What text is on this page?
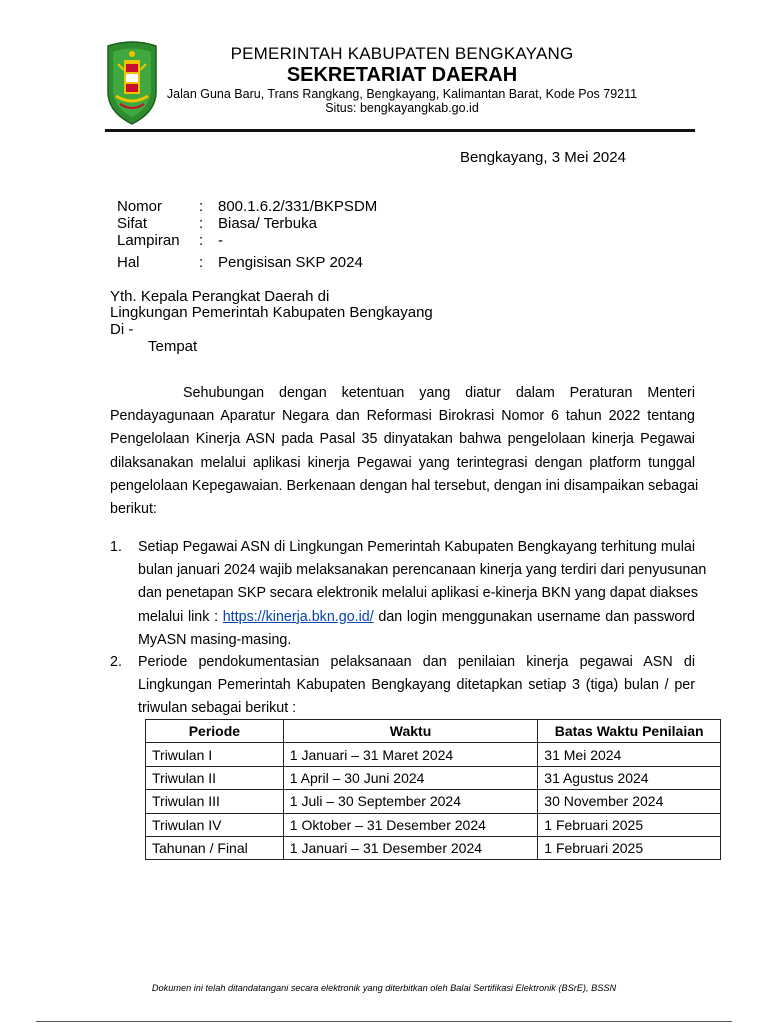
PEMERINTAH KABUPATEN BENGKAYANG
SEKRETARIAT DAERAH
Jalan Guna Baru, Trans Rangkang, Bengkayang, Kalimantan Barat, Kode Pos 79211
Situs: bengkayangkab.go.id
Bengkayang, 3 Mei 2024
Nomor : 800.1.6.2/331/BKPSDM
Sifat	: Biasa/ Terbuka
Lampiran : -
Hal	: Pengisisan SKP 2024
Yth. Kepala Perangkat Daerah di
Lingkungan Pemerintah Kabupaten Bengkayang
Di -
Tempat
Sehubungan dengan ketentuan yang diatur dalam Peraturan Menteri
Pendayagunaan Aparatur Negara dan Reformasi Birokrasi Nomor 6 tahun 2022 tentang
Pengelolaan Kinerja ASN pada Pasal 35 dinyatakan bahwa pengelolaan kinerja Pegawai
dilaksanakan melalui aplikasi kinerja Pegawai yang terintegrasi dengan platform tunggal
pengelolaan Kepegawaian. Berkenaan dengan hal tersebut, dengan ini disampaikan sebagai
berikut:
1. Setiap Pegawai ASN di Lingkungan Pemerintah Kabupaten Bengkayang terhitung mulai
bulan januari 2024 wajib melaksanakan perencanaan kinerja yang terdiri dari penyusunan
dan penetapan SKP secara elektronik melalui aplikasi e-kinerja BKN yang dapat diakses
melalui link : https://kinerja.bkn.go.id/ dan login menggunakan username dan password
MyASN masing-masing.
2. Periode pendokumentasian pelaksanaan dan penilaian kinerja pegawai ASN di
Lingkungan Pemerintah Kabupaten Bengkayang ditetapkan setiap 3 (tiga) bulan / per
triwulan sebagai berikut :
Periode	Waktu	Batas Waktu Penilaian
Triwulan I	1 Januari – 31 Maret 2024	31 Mei 2024
Triwulan II	1 April – 30 Juni 2024	31 Agustus 2024
Triwulan III	1 Juli – 30 September 2024	30 November 2024
Triwulan IV	1 Oktober – 31 Desember 2024	1 Februari 2025
Tahunan / Final	1 Januari – 31 Desember 2024	1 Februari 2025
Dokumen ini telah ditandatangani secara elektronik yang diterbitkan oleh Balai Sertifikasi Elektronik (BSrE), BSSN
